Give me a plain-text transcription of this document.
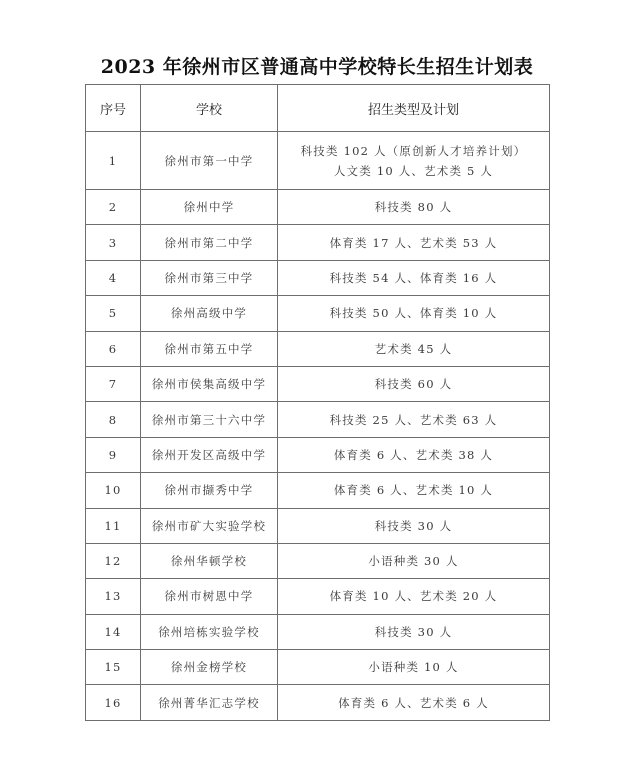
2023 年徐州市区普通高中学校特长生招生计划表
序号	学校	招生类型及计划
1	徐州市第一中学	科技类 102 人（原创新人才培养计划）
人文类 10 人、艺术类 5 人

2	徐州中学	科技类 80 人

3	徐州市第二中学	体育类 17 人、艺术类 53 人

4	徐州市第三中学	科技类 54 人、体育类 16 人

5	徐州高级中学	科技类 50 人、体育类 10 人

6	徐州市第五中学	艺术类 45 人

7	徐州市侯集高级中学	科技类 60 人

8	徐州市第三十六中学	科技类 25 人、艺术类 63 人

9	徐州开发区高级中学	体育类 6 人、艺术类 38 人

10	徐州市撷秀中学	体育类 6 人、艺术类 10 人

11	徐州市矿大实验学校	科技类 30 人

12	徐州华顿学校	小语种类 30 人

13	徐州市树恩中学	体育类 10 人、艺术类 20 人

14	徐州培栋实验学校	科技类 30 人

15	徐州金榜学校	小语种类 10 人

16	徐州菁华汇志学校	体育类 6 人、艺术类 6 人
